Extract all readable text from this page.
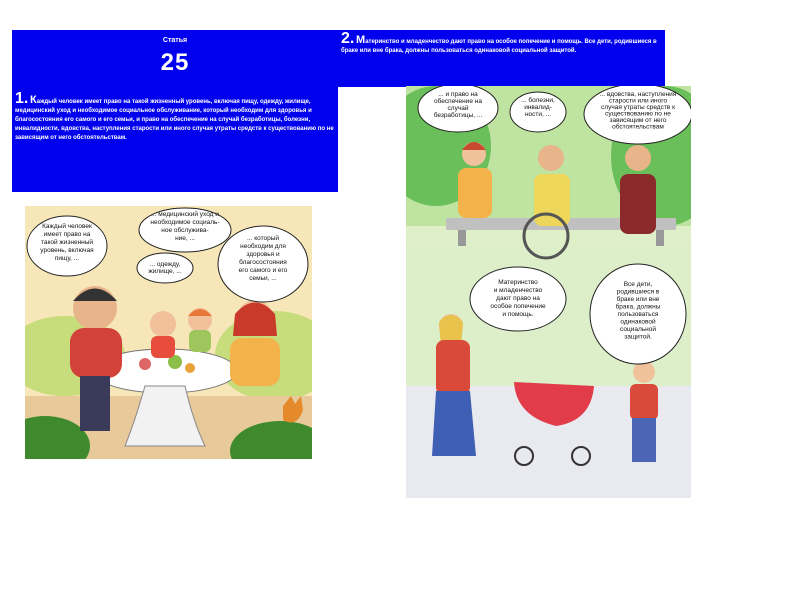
Статья
25
2. Материнство и младенчество дают право на особое попечение и помощь. Все дети, родившиеся в браке или вне брака, должны пользоваться одинаковой социальной защитой.
1. Каждый человек имеет право на такой жизненный уровень, включая пищу, одежду, жилище, медицинский уход и необходимое социальное обслуживание, который необходим для здоровья и благосостояния его самого и его семьи, и право на обеспечение на случай безработицы, болезни, инвалидности, вдовства, наступления старости или иного случая утраты средств к существованию по не зависящим от него обстоятельствам.
Каждый человек
имеет право на
такой жизненный
уровень, включая
пищу, ...
... медицинский уход и
необходимое социаль-
ное обслужива-
ние, ...
... одежду,
жилище, ...
... который
необходим для
здоровья и
благосостояния
его самого и его
семьи, ...
... и право на
обеспечение на
случай
безработицы, ...
... болезни,
инвалид-
ности, ...
... вдовства, наступления
старости или иного
случая утраты средств к
существованию по не
зависящим от него
обстоятельствам
Материнство
и младенчество
дают право на
особое попечение
и помощь.
Все дети,
родившиеся в
браке или вне
брака, должны
пользоваться
одинаковой
социальной
защитой.
